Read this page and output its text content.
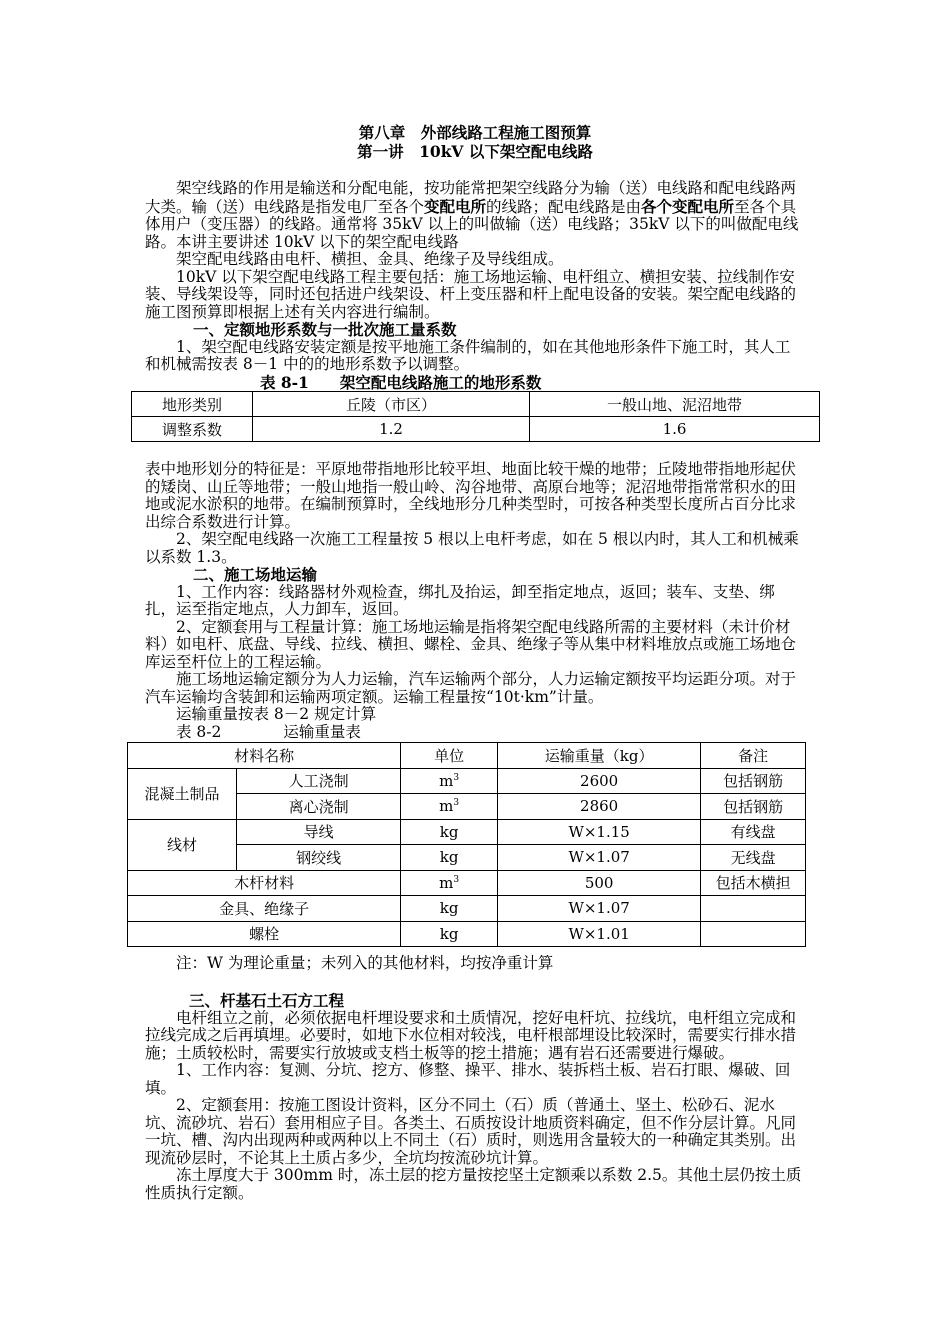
第八章　外部线路工程施工图预算
第一讲　10kV 以下架空配电线路

架空线路的作用是输送和分配电能，按功能常把架空线路分为输（送）电线路和配电线路两大类。输（送）电线路是指发电厂至各个变配电所的线路；配电线路是由各个变配电所至各个具体用户（变压器）的线路。通常将 35kV 以上的叫做输（送）电线路；35kV 以下的叫做配电线路。本讲主要讲述 10kV 以下的架空配电线路

架空配电线路由电杆、横担、金具、绝缘子及导线组成。

10kV 以下架空配电线路工程主要包括：施工场地运输、电杆组立、横担安装、拉线制作安装、导线架设等，同时还包括进户线架设、杆上变压器和杆上配电设备的安装。架空配电线路的施工图预算即根据上述有关内容进行编制。

一、定额地形系数与一批次施工量系数

1、架空配电线路安装定额是按平地施工条件编制的，如在其他地形条件下施工时，其人工和机械需按表 8－1 中的的地形系数予以调整。

表 8-1　　架空配电线路施工的地形系数

地形类别	丘陵（市区）	一般山地、泥沼地带
调整系数	1.2	1.6

表中地形划分的特征是：平原地带指地形比较平坦、地面比较干燥的地带；丘陵地带指地形起伏的矮岗、山丘等地带；一般山地指一般山岭、沟谷地带、高原台地等；泥沼地带指常常积水的田地或泥水淤积的地带。在编制预算时，全线地形分几种类型时，可按各种类型长度所占百分比求出综合系数进行计算。

2、架空配电线路一次施工工程量按 5 根以上电杆考虑，如在 5 根以内时，其人工和机械乘以系数 1.3。

二、施工场地运输

1、工作内容：线路器材外观检查，绑扎及抬运，卸至指定地点，返回；装车、支垫、绑扎，运至指定地点，人力卸车，返回。

2、定额套用与工程量计算：施工场地运输是指将架空配电线路所需的主要材料（未计价材料）如电杆、底盘、导线、拉线、横担、螺栓、金具、绝缘子等从集中材料堆放点或施工场地仓库运至杆位上的工程运输。

施工场地运输定额分为人力运输，汽车运输两个部分，人力运输定额按平均运距分项。对于汽车运输均含装卸和运输两项定额。运输工程量按“10t·km”计量。

运输重量按表 8－2 规定计算

表 8-2　　　　运输重量表

材料名称		单位	运输重量（kg）	备注
混凝土制品	人工浇制	$m^3$	2600	包括钢筋
	离心浇制	$m^3$	2860	包括钢筋
线材	导线	kg	W×1.15	有线盘
	钢绞线	kg	W×1.07	无线盘
木杆材料		$m^3$	500	包括木横担
金具、绝缘子		kg	W×1.07	
螺栓		kg	W×1.01	

注：W 为理论重量；未列入的其他材料，均按净重计算

三、杆基石土石方工程

电杆组立之前，必须依据电杆埋设要求和土质情况，挖好电杆坑、拉线坑，电杆组立完成和拉线完成之后再填埋。必要时，如地下水位相对较浅，电杆根部埋设比较深时，需要实行排水措施；土质较松时，需要实行放坡或支档土板等的挖土措施；遇有岩石还需要进行爆破。

1、工作内容：复测、分坑、挖方、修整、操平、排水、装拆档土板、岩石打眼、爆破、回填。

2、定额套用：按施工图设计资料，区分不同土（石）质（普通土、坚土、松砂石、泥水坑、流砂坑、岩石）套用相应子目。各类土、石质按设计地质资料确定，但不作分层计算。凡同一坑、槽、沟内出现两种或两种以上不同土（石）质时，则选用含量较大的一种确定其类别。出现流砂层时，不论其上土质占多少，全坑均按流砂坑计算。

冻土厚度大于 300mm 时，冻土层的挖方量按挖坚土定额乘以系数 2.5。其他土层仍按土质性质执行定额。
